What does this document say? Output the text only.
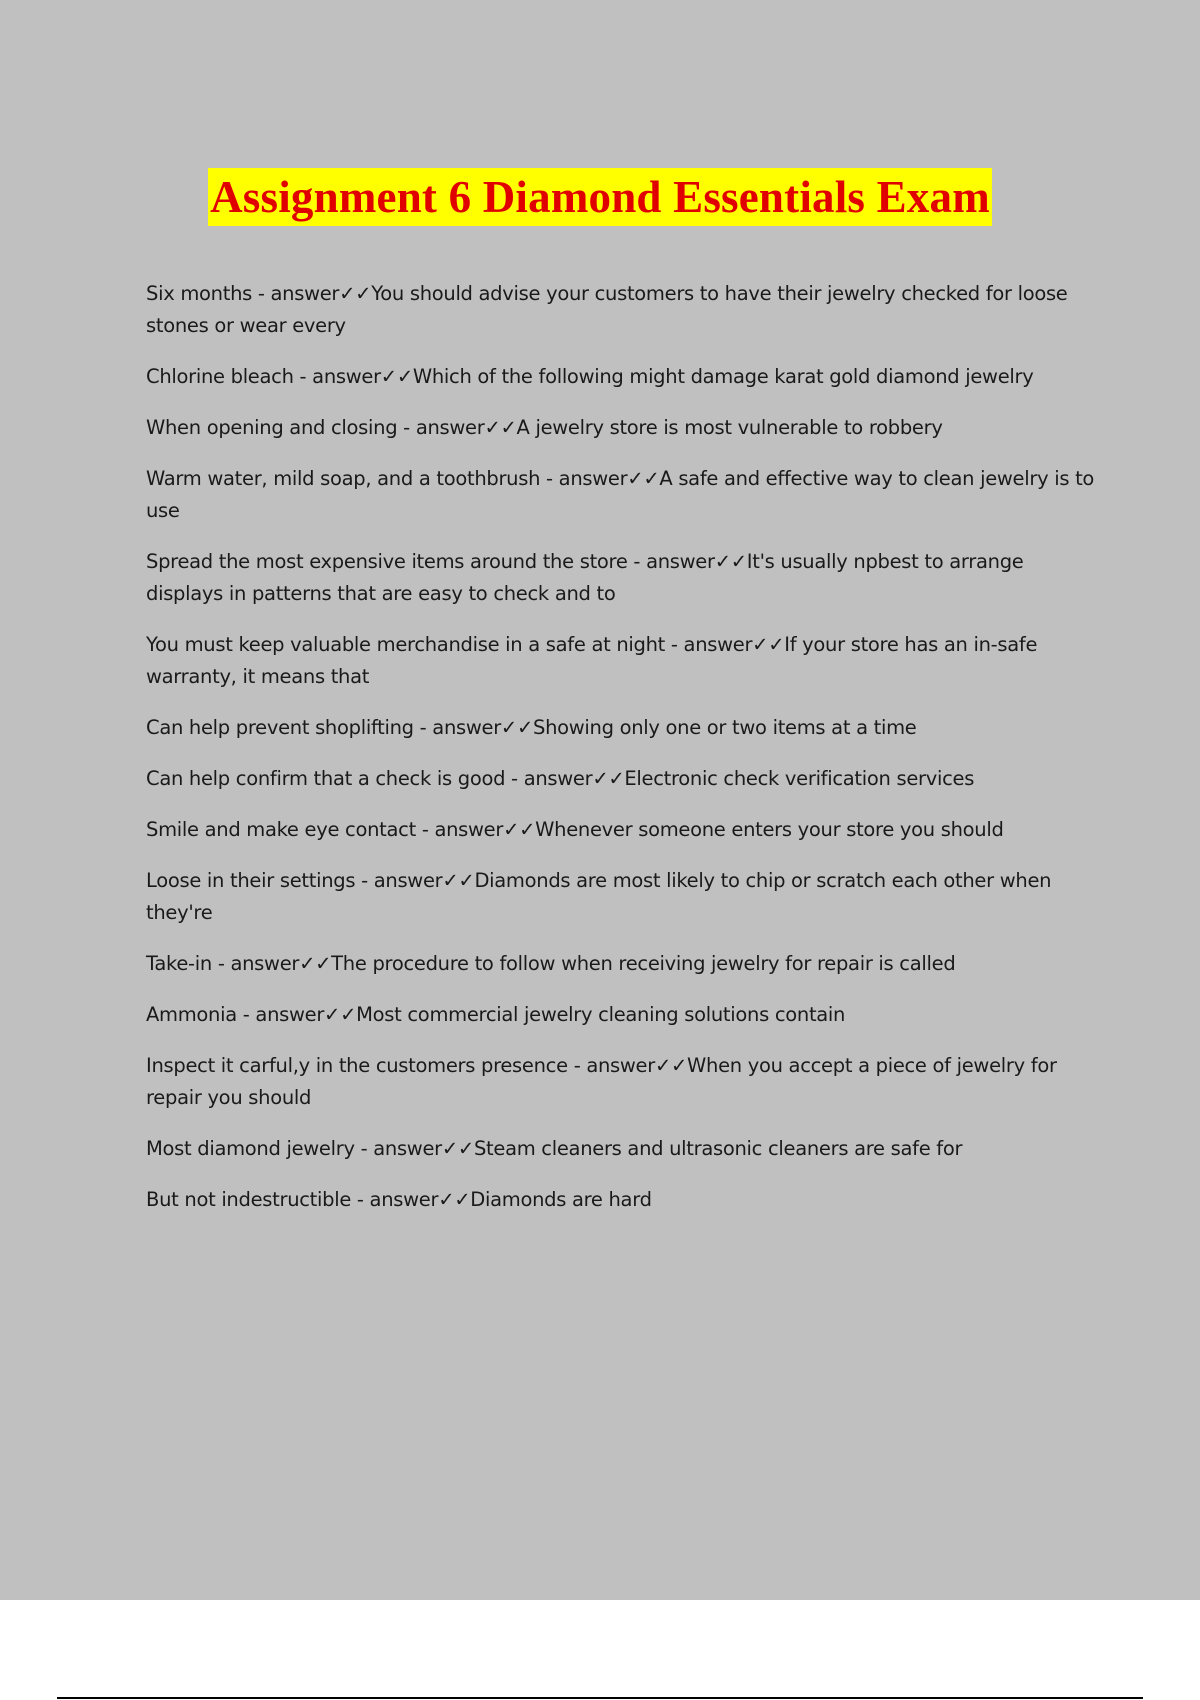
Assignment 6 Diamond Essentials Exam
Six months - answer✓✓You should advise your customers to have their jewelry checked for loose stones or wear every
Chlorine bleach - answer✓✓Which of the following might damage karat gold diamond jewelry
When opening and closing - answer✓✓A jewelry store is most vulnerable to robbery
Warm water, mild soap, and a toothbrush - answer✓✓A safe and effective way to clean jewelry is to use
Spread the most expensive items around the store - answer✓✓It's usually npbest to arrange displays in patterns that are easy to check and to
You must keep valuable merchandise in a safe at night - answer✓✓If your store has an in-safe warranty, it means that
Can help prevent shoplifting - answer✓✓Showing only one or two items at a time
Can help confirm that a check is good - answer✓✓Electronic check verification services
Smile and make eye contact - answer✓✓Whenever someone enters your store you should
Loose in their settings - answer✓✓Diamonds are most likely to chip or scratch each other when they're
Take-in - answer✓✓The procedure to follow when receiving jewelry for repair is called
Ammonia - answer✓✓Most commercial jewelry cleaning solutions contain
Inspect it carful,y in the customers presence - answer✓✓When you accept a piece of jewelry for repair you should
Most diamond jewelry - answer✓✓Steam cleaners and ultrasonic cleaners are safe for
But not indestructible - answer✓✓Diamonds are hard
